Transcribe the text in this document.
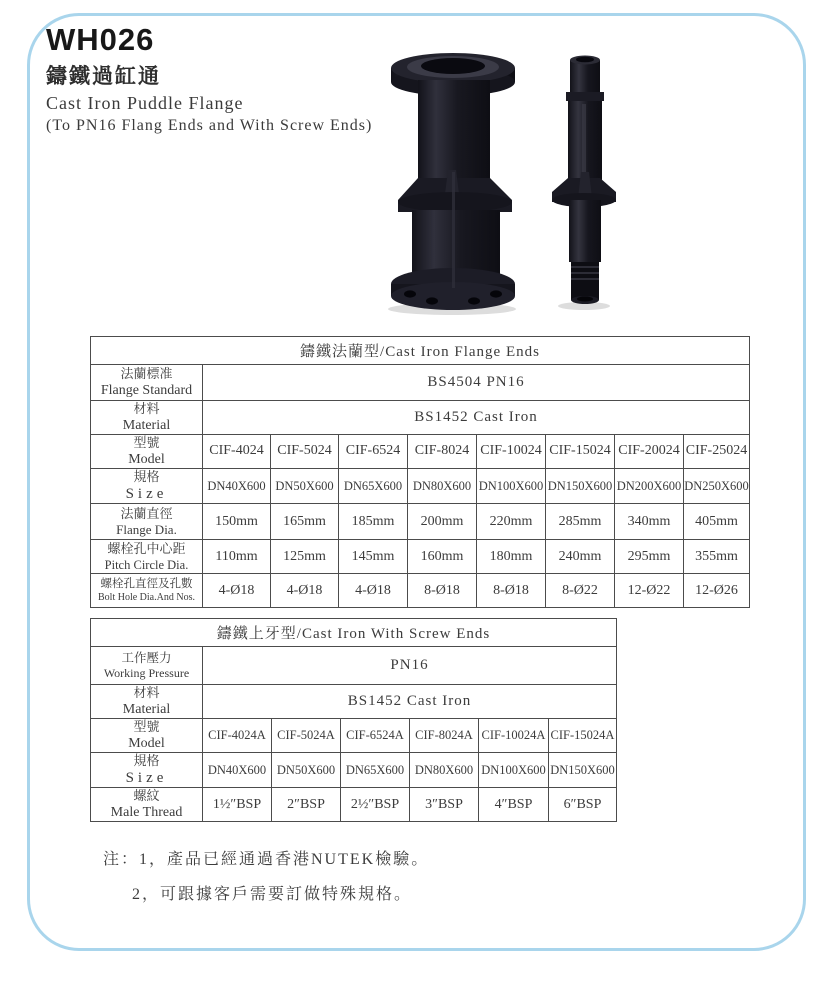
WH026
鑄鐵過缸通
Cast Iron Puddle Flange
(To PN16 Flang Ends and With Screw Ends)
鑄鐵法蘭型/Cast Iron Flange Ends								

法蘭標准
Flange Standard	BS4504 PN16							

材料
Material	BS1452 Cast Iron							

型號
Model	CIF-4024	CIF-5024	CIF-6524	CIF-8024	CIF-10024	CIF-15024	CIF-20024	CIF-25024

規格
Size	DN40X600	DN50X600	DN65X600	DN80X600	DN100X600	DN150X600	DN200X600	DN250X600

法蘭直徑
Flange Dia.	150mm	165mm	185mm	200mm	220mm	285mm	340mm	405mm

螺栓孔中心距
Pitch Circle Dia.	110mm	125mm	145mm	160mm	180mm	240mm	295mm	355mm

螺栓孔直徑及孔數
Bolt Hole Dia.And Nos.	4-Ø18	4-Ø18	4-Ø18	8-Ø18	8-Ø18	8-Ø22	12-Ø22	12-Ø26
鑄鐵上牙型/Cast Iron With Screw Ends						

工作壓力
Working Pressure	PN16					

材料
Material	BS1452 Cast Iron					

型號
Model	CIF-4024A	CIF-5024A	CIF-6524A	CIF-8024A	CIF-10024A	CIF-15024A

規格
Size	DN40X600	DN50X600	DN65X600	DN80X600	DN100X600	DN150X600

螺紋
Male Thread	1½″BSP	2″BSP	2½″BSP	3″BSP	4″BSP	6″BSP
注：1，產品已經通過香港NUTEK檢驗。
2，可跟據客戶需要訂做特殊規格。
